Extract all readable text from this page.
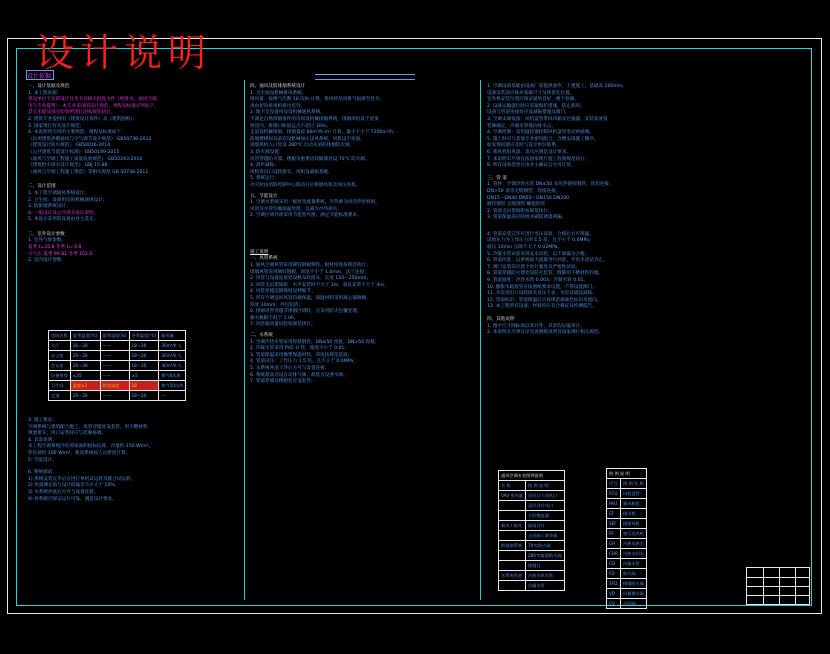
设计说明
设计依据
一、设计依据及规范
1. 本工程依据：
建设单位下达的设计任务书及相关批复文件（给排水、通风空调、
电气专业提资）；本专业采用的设计规范、规程及标准详列如下，
其它未提及部分均参照现行国家规范执行。
2. 建筑专业提供的《建筑设计条件》及《建筑图纸》；
3. 国家现行有关设计规范；
4. 本说明所引用的主要规范、规程及标准如下：
《民用建筑供暖通风与空气调节设计规范》 GB50736-2012
《建筑设计防火规范》 GB50016-2014
《公共建筑节能设计标准》 GB50189-2015
《通风与空调工程施工质量验收规范》 GB50243-2016
《建筑给水排水设计规范》 GBJ 15-88
《通风与空调工程施工规范》等相关规范 GB 50738-2011
二、设计范围
1. 本工程空调通风系统设计；
2. 卫生间、设备用房的机械通风设计；
3. 防排烟系统设计；
4. 一般设计及公共部分设计说明。
5. 本设计采用的设备由业主选定。
三、室外设计参数
1. 室外气象参数：
夏季 t=35.8 冬季 t=-3.8
大气压 夏季 99.81 冬季 102.0
2. 室内设计参数：
房间名称	夏季温度(℃)	夏季湿度(%)	冬季温度(℃)	新风量
大厅	26～28	——	18～20	30m³/h·人
办公室	26～28	——	18～20	30m³/h·人
会议室	26～28	——	18～20	30m³/h·人
设备用房	≤35	——	≥5	换气6次/h
卫生间	温度±1	相对湿度	18	换气10次/h
走道	26～28	——	18～20	—
3. 施工要求：
空调系统与建筑配合施工，风管穿墙处设套管，用不燃材料
填塞密实；风口安装时应与装修协调。
4. 其余说明：
本工程空调系统冷负荷按面积指标估算，冷量约 150 W/m²，
热负荷约 100 W/m²，新风系统按人员密度计算。
5. 节能设计。
6. 系统调试：
1) 系统安装完毕后应进行单机试运转及联合试运转。
2) 风量测定值与设计值偏差不应大于 10%。
3) 水系统冲洗后方可与设备连接。
4) 各系统应保证运行可靠，满足设计要求。
四、通风及防排烟系统设计
1. 卫生间设机械排风系统。
排风量：按换气次数 10 次/h 计算，排风经吊顶排气扇排至竖井，
再由屋顶排风机排出室外。
2. 地下室设备用房设机械通风系统。
不满足自然排烟条件的房间设机械排烟系统，排烟风机设于屋顶
机房内，排烟口距最远点不超过 30m。
走道设机械排烟，排烟量按 60m³/h·m² 计算，最小不小于 7200m³/h；
防烟楼梯间及前室设机械加压送风系统，风机设于屋面。
排烟风机入口处设 280℃ 自动关闭的排烟防火阀。
3. 防火阀设置：
风管穿越防火墙、楼板及重要房间隔墙处设 70℃ 防火阀。
4. 消声减振：
风机进出口设软接头，风机设减振基础。
5. 系统运行：
火灾时由消防控制中心联动开启排烟风机及加压风机。
五、节能设计
1. 空调水系统采用一级泵变流量系统，冷热源为风冷热泵机组。
风管及水管均做保温处理，以减少冷热损失。
2. 空调区域外窗采用节能型外窗，满足节能标准要求。
施工说明
一、风管系统
1. 通风空调风管采用镀锌钢板制作，板材厚度按规范执行；
排烟风管采用镀锌钢板，厚度不小于 1.0mm，法兰连接；
2. 风管与设备连接处设帆布软接头，长度 150～250mm；
3. 风管支吊架间距：水平安装时不大于 3m，垂直安装不大于 4m；
4. 风管穿越沉降缝时设伸缩节；
5. 所有空调送回风管均做保温，保温材料采用离心玻璃棉，
厚度 30mm，外包铝箔；
6. 排烟风管穿越非排烟区域时，应采用防火包覆处理，
耐火极限不低于 1.0h。
7. 风管漏风量试验按规范执行。
二、水系统
1. 空调冷热水管采用焊接钢管，DN≤50 丝接，DN>50 焊接；
2. 冷凝水管采用 PVC-U 管，坡度不小于 0.01；
3. 管道保温采用橡塑保温材料，厚度按规范选取；
4. 管道试压：工作压力 1.5 倍，且不小于 0.6MPa；
5. 水系统冲洗干净后方可与设备连接。
6. 系统最高点设自动排气阀，最低点设泄水阀。
7. 管道穿墙及楼板处应设套管。
1. 空调设备基础由设备厂家提供条件，土建施工，基础高 200mm。
设备安装前应核对基础尺寸及预留孔位置。
室外机安装位置应保证通风良好，便于检修。
2. 设备运输就位时应采取保护措施，防止损坏。
设备与管道连接处应设减振措施及阀门。
3. 空调末端设备：风机盘管带回风箱及过滤器，安装高度按
装修确定，冷凝水管坡向排水点。
4. 空调控制：采用温控器控制风机盘管电动两通阀。
5. 施工时应与其他专业密切配合，合理安排施工顺序。
如发现问题应及时与设计单位联系。
6. 新风机组风量、余压应满足设计要求。
7. 本说明未尽事宜按国家现行施工验收规范执行。
8. 所有设备选型应由业主确认后方可订货。
三、管 道
1. 管材：空调冷热水管 DN≤50 采用热镀锌钢管，丝扣连接；
DN>50 采用无缝钢管，焊接连接。
DN15～DN40 DN50～DN150 DN200
镀锌钢管 无缝钢管 螺旋焊管
2. 管道支吊架间距按规范执行。
3. 管道保温前应除锈并刷防锈漆两遍。
4. 管道安装完毕应进行水压试验，合格后方可保温。
试验压力为工作压力的 1.5 倍，且不小于 0.6MPa，
稳压 10min 压降不大于 0.02MPa。
5. 冷凝水管试验采用充水试验，以不渗漏为合格。
6. 管道冲洗：以系统最大流量进行冲洗，至出水清洁为止。
7. 阀门安装前应逐个进行强度及严密性试验。
8. 管道穿越防火墙处设防火套管，缝隙用不燃材料封堵。
9. 管道坡度：冷热水管 0.003，冷凝水管 0.01。
10. 膨胀水箱接管应按图纸要求设置，不得设置阀门。
11. 水泵进出口设软接头及压力表，水泵基础设减振。
12. 管道标识：管道保温后应按规范做颜色标识及流向。
13. 本工程所有设备、材料均应有合格证及检测报告。
四、其他说明
1. 图中尺寸除标高以米计外，其余均以毫米计。
2. 本说明未尽事宜详见各图纸说明及国家现行相关规范。
通风空调专业图例说明	
名 称	图 例 说 明
VAV 变风量	送风口 / 回风口
	双层百叶风口
	方形散流器
新风 / 排风	防雨百叶
	止回阀 / 调节阀
防排烟系统	70℃防火阀
	280℃排烟防火阀
	排烟口
水系统管道	冷热水供水管
	冷凝水管
图 例 说 明	
代号	图 例 名 称
FCU	风机盘管
PAU	新风机组
EF	排风机
SEF	排烟风机
PF	加压送风机
CH	冷热水供水
CHR	冷热水回水
CD	冷凝水管
FD	防火阀
SFD	排烟防火阀
VD	风量调节阀
CV	止回阀
